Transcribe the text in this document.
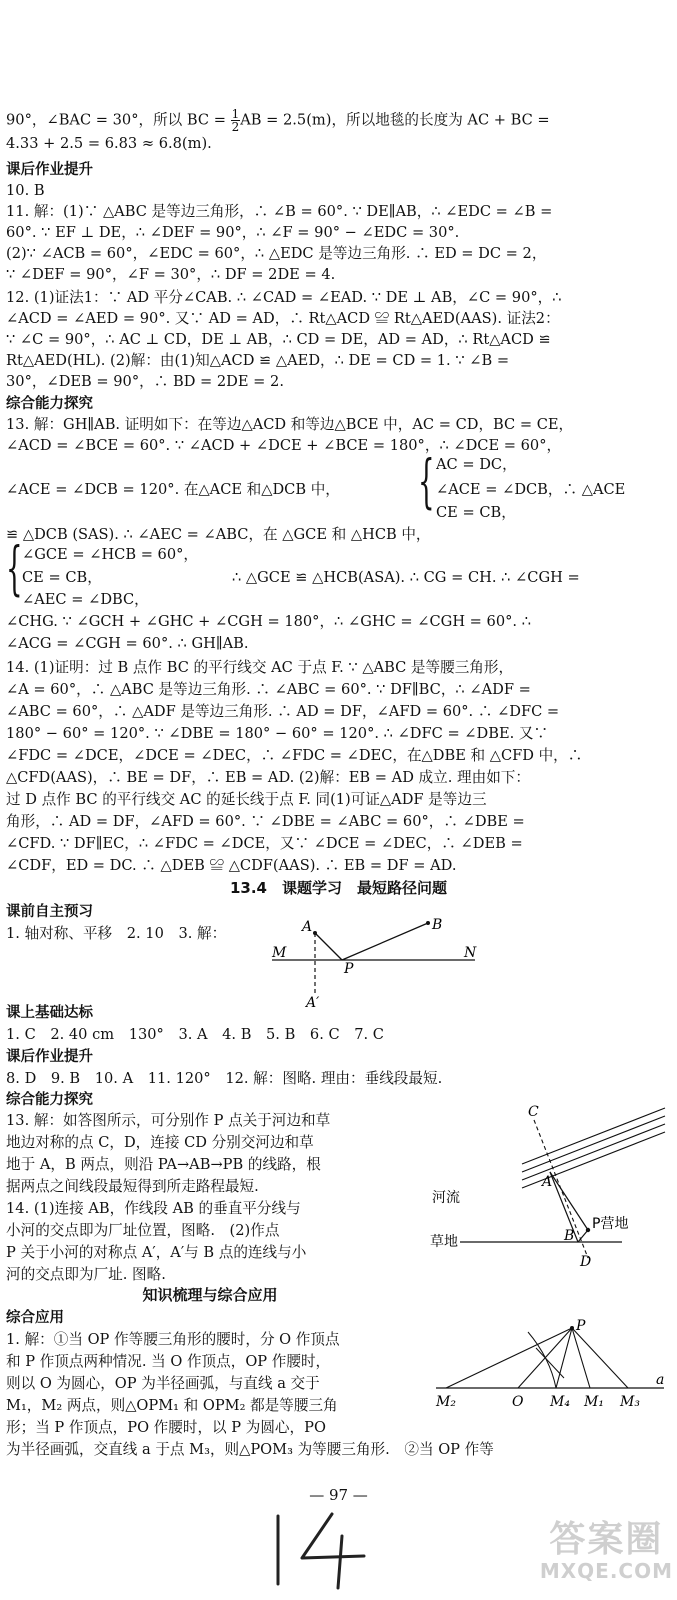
90°，∠BAC = 30°，所以 BC = $\frac{1}{2}$ AB = 2.5(m)，所以地毯的长度为 AC + BC =
4.33 + 2.5 = 6.83 ≈ 6.8(m).
课后作业提升
10. B
11. 解：(1)∵ △ABC 是等边三角形，∴ ∠B = 60°. ∵ DE∥AB，∴ ∠EDC = ∠B =
60°. ∵ EF ⊥ DE，∴ ∠DEF = 90°，∴ ∠F = 90° − ∠EDC = 30°.
(2)∵ ∠ACB = 60°，∠EDC = 60°，∴ △EDC 是等边三角形. ∴ ED = DC = 2，
∵ ∠DEF = 90°，∠F = 30°，∴ DF = 2DE = 4.
12. (1)证法1：∵ AD 平分∠CAB. ∴ ∠CAD = ∠EAD. ∵ DE ⊥ AB，∠C = 90°，∴
∠ACD = ∠AED = 90°. 又∵ AD = AD，∴ Rt△ACD ≌ Rt△AED(AAS). 证法2：
∵ ∠C = 90°，∴ AC ⊥ CD，DE ⊥ AB，∴ CD = DE，AD = AD，∴ Rt△ACD ≌
Rt△AED(HL). (2)解：由(1)知△ACD ≌ △AED，∴ DE = CD = 1. ∵ ∠B =
30°，∠DEB = 90°，∴ BD = 2DE = 2.
综合能力探究
13. 解：GH∥AB. 证明如下：在等边△ACD 和等边△BCE 中，AC = CD，BC = CE，
∠ACD = ∠BCE = 60°. ∵ ∠ACD + ∠DCE + ∠BCE = 180°，∴ ∠DCE = 60°，
∠ACE = ∠DCB = 120°. 在△ACE 和△DCB 中，	{ AC = DC，
∠ACE = ∠DCB，∴ △ACE
CE = CB，
≌ △DCB (SAS). ∴ ∠AEC = ∠ABC，在 △GCE 和 △HCB 中，
{ ∠GCE = ∠HCB = 60°，
CE = CB，	∴ △GCE ≌ △HCB(ASA). ∴ CG = CH. ∴ ∠CGH =
∠AEC = ∠DBC，
∠CHG. ∵ ∠GCH + ∠GHC + ∠CGH = 180°，∴ ∠GHC = ∠CGH = 60°. ∴
∠ACG = ∠CGH = 60°. ∴ GH∥AB.
14. (1)证明：过 B 点作 BC 的平行线交 AC 于点 F. ∵ △ABC 是等腰三角形，
∠A = 60°，∴ △ABC 是等边三角形. ∴ ∠ABC = 60°. ∵ DF∥BC，∴ ∠ADF =
∠ABC = 60°，∴ △ADF 是等边三角形. ∴ AD = DF，∠AFD = 60°. ∴ ∠DFC =
180° − 60° = 120°. ∵ ∠DBE = 180° − 60° = 120°. ∴ ∠DFC = ∠DBE. 又∵
∠FDC = ∠DCE，∠DCE = ∠DEC，∴ ∠FDC = ∠DEC，在△DBE 和 △CFD 中，∴
△CFD(AAS)，∴ BE = DF，∴ EB = AD. (2)解：EB = AD 成立. 理由如下：
过 D 点作 BC 的平行线交 AC 的延长线于点 F. 同(1)可证△ADF 是等边三
角形，∴ AD = DF，∠AFD = 60°. ∵ ∠DBE = ∠ABC = 60°，∴ ∠DBE =
∠CFD. ∵ DF∥EC，∴ ∠FDC = ∠DCE，又∵ ∠DCE = ∠DEC，∴ ∠DEB =
∠CDF，ED = DC. ∴ △DEB ≌ △CDF(AAS). ∴ EB = DF = AD.
13.4　课题学习　最短路径问题
课前自主预习
1. 轴对称、平移　2. 10　3. 解：	B
A
M	N
P
A′
课上基础达标
1. C　2. 40 cm　130°　3. A　4. B　5. B　6. C　7. C
课后作业提升
8. D　9. B　10. A　11. 120°　12. 解：图略. 理由：垂线段最短.
综合能力探究
13. 解：如答图所示，可分别作 P 点关于河边和草
地边对称的点 C，D，连接 CD 分别交河边和草
地于 A，B 两点，则沿 PA→AB→PB 的线路，根
据两点之间线段最短得到所走路程最短.
14. (1)连接 AB，作线段 AB 的垂直平分线与
小河的交点即为厂址位置，图略.　(2)作点
P 关于小河的对称点 A′，A′与 B 点的连线与小
河的交点即为厂址. 图略.
C
A
P营地
B
D
河流
草地
知识梳理与综合应用
综合应用
1. 解：①当 OP 作等腰三角形的腰时，分 O 作顶点
和 P 作顶点两种情况. 当 O 作顶点，OP 作腰时，
则以 O 为圆心，OP 为半径画弧，与直线 a 交于
M₁，M₂ 两点，则△OPM₁ 和 OPM₂ 都是等腰三角
形；当 P 作顶点，PO 作腰时，以 P 为圆心，PO
为半径画弧，交直线 a 于点 M₃，则△POM₃ 为等腰三角形.　②当 OP 作等
P
a
M₂	O M₄ M₁ M₃
— 97 —
答案圈
MXQE.COM
